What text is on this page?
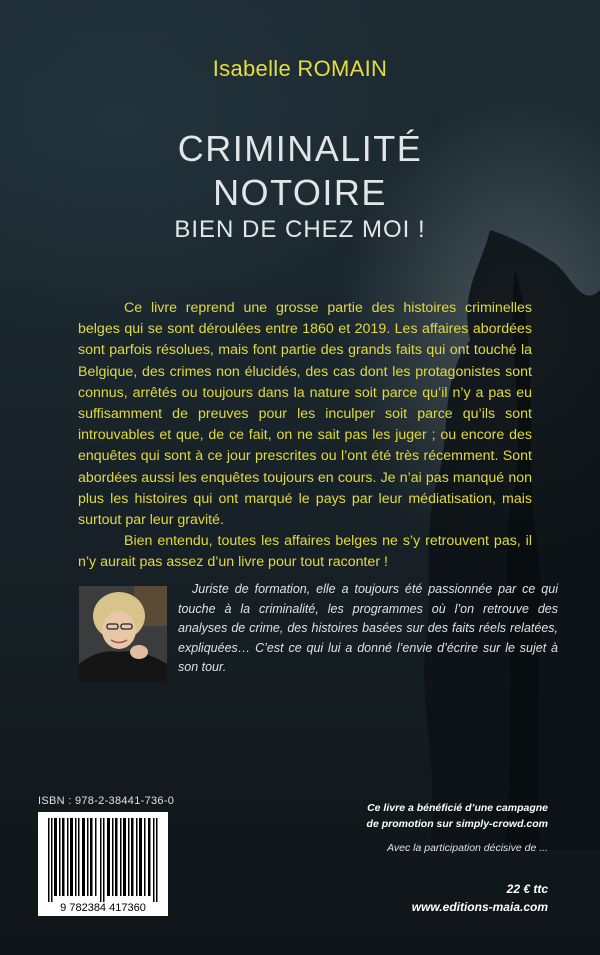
Isabelle ROMAIN
CRIMINALITÉ
NOTOIRE
BIEN DE CHEZ MOI !

Ce livre reprend une grosse partie des histoires criminelles belges qui se sont déroulées entre 1860 et 2019. Les affaires abordées sont parfois résolues, mais font partie des grands faits qui ont touché la Belgique, des crimes non élucidés, des cas dont les protagonistes sont connus, arrêtés ou toujours dans la nature soit parce qu’il n’y a pas eu suffisamment de preuves pour les inculper soit parce qu’ils sont introuvables et que, de ce fait, on ne sait pas les juger ; ou encore des enquêtes qui sont à ce jour prescrites ou l’ont été très récemment. Sont abordées aussi les enquêtes toujours en cours. Je n’ai pas manqué non plus les histoires qui ont marqué le pays par leur médiatisation, mais surtout par leur gravité.

Bien entendu, toutes les affaires belges ne s’y retrouvent pas, il n’y aurait pas assez d’un livre pour tout raconter !

Juriste de formation, elle a toujours été passionnée par ce qui touche à la criminalité, les programmes où l’on retrouve des analyses de crime, des histoires basées sur des faits réels relatées, expliquées… C’est ce qui lui a donné l’envie d’écrire sur le sujet à son tour.

ISBN : 978-2-38441-736-0
9 782384 417360
Ce livre a bénéficié d’une campagne
de promotion sur simply-crowd.com
Avec la participation décisive de ...
22 € ttc
www.editions-maia.com
